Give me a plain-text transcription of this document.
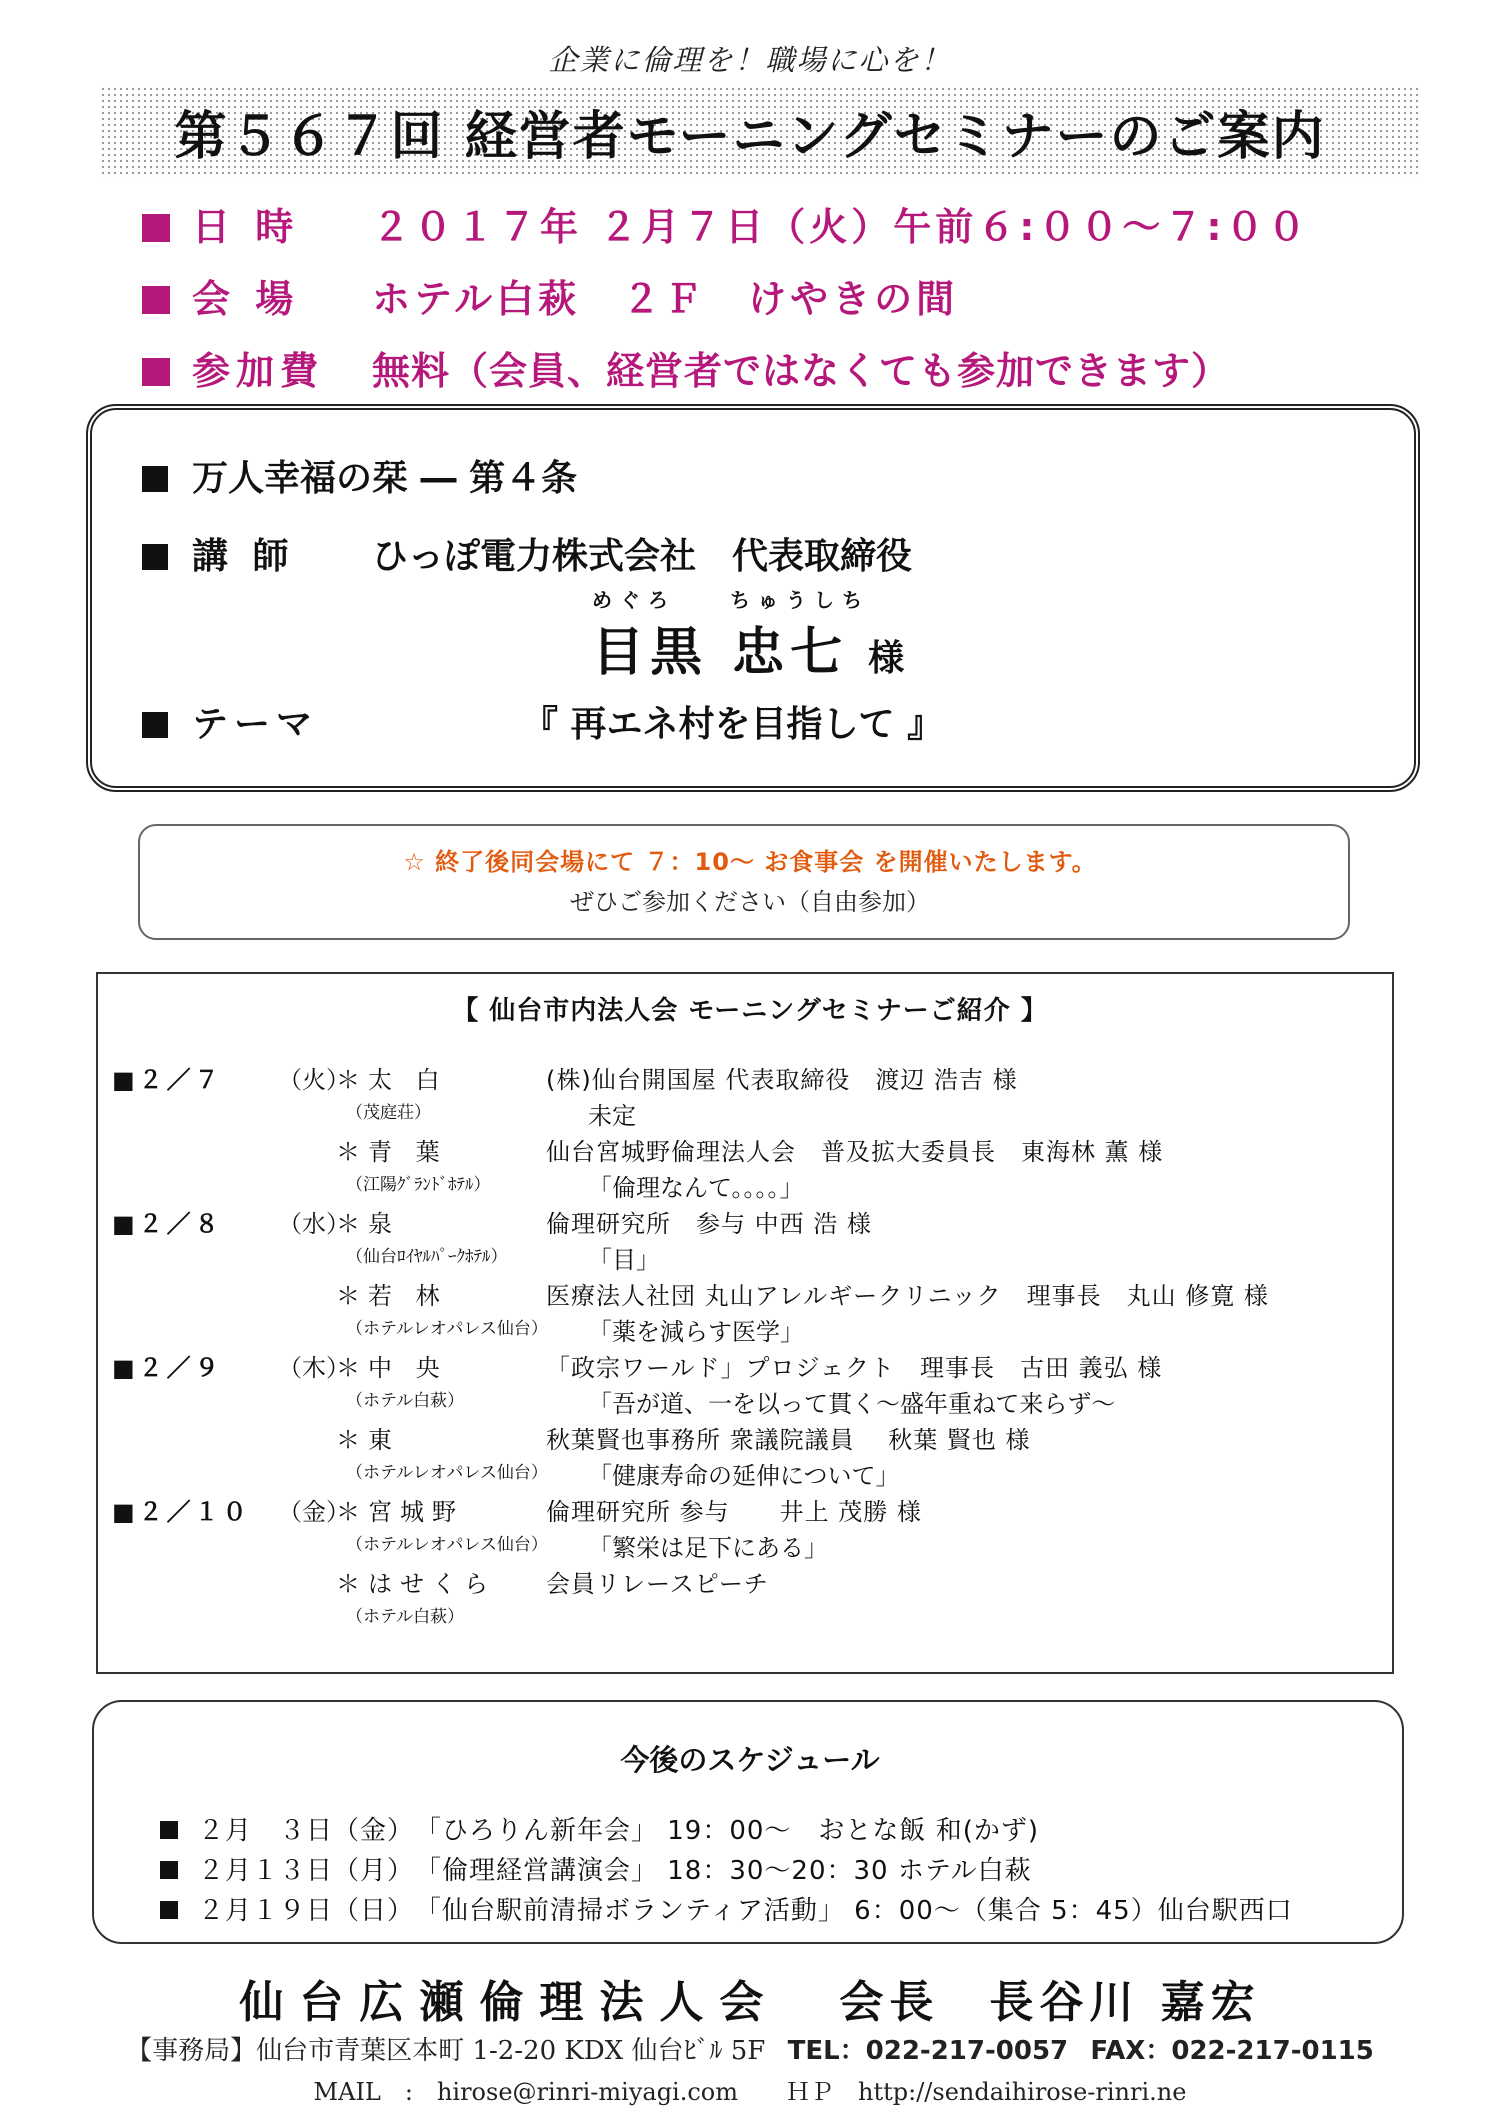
企業に倫理を！職場に心を！
第５６７回 経営者モーニングセミナーのご案内
日 時 ２０１７年 ２月７日（火）午前６:００～７:００
会 場 ホテル白萩　２Ｆ　けやきの間
参加費 無料（会員、経営者ではなくても参加できます）
万人幸福の栞 ― 第４条
講 師 ひっぽ電力株式会社　代表取締役
めぐろ	ちゅうしち
目黒 忠七 様
テーマ	『 再エネ村を目指して 』
☆ 終了後同会場にて ７：10～ お食事会 を開催いたします。
ぜひご参加ください（自由参加）
【 仙台市内法人会 モーニングセミナーご紹介 】
■２／７ （火）
＊太 白	(株)仙台開国屋 代表取締役　渡辺 浩吉 様
（茂庭荘）	未定
＊青 葉	仙台宮城野倫理法人会　普及拡大委員長　東海林 薫 様
（江陽ｸﾞﾗﾝﾄﾞﾎﾃﾙ）	「倫理なんて。。。。」
■２／８ （水）
＊泉	倫理研究所　参与 中西 浩 様
（仙台ﾛｲﾔﾙﾊﾟｰｸﾎﾃﾙ）	「目」
＊若 林	医療法人社団 丸山アレルギークリニック　理事長　丸山 修寛 様
（ホテルレオパレス仙台） 「薬を減らす医学」
■２／９ （木）
＊中 央	「政宗ワールド」プロジェクト　理事長　古田 義弘 様
（ホテル白萩）	「吾が道、一を以って貫く～盛年重ねて来らず～
＊東	秋葉賢也事務所 衆議院議員　 秋葉 賢也 様
（ホテルレオパレス仙台） 「健康寿命の延伸について」
■２／１０ （金）
＊宮城野	倫理研究所 参与　　井上 茂勝 様
（ホテルレオパレス仙台） 「繁栄は足下にある」
＊はせくら 会員リレースピーチ
（ホテル白萩）
今後のスケジュール
２月　３日（金）　「ひろりん新年会」 19：00～　おとな飯 和(かず)
２月１３日（月）　「倫理経営講演会」 18：30～20：30 ホテル白萩
２月１９日（日）　「仙台駅前清掃ボランティア活動」 6：00～（集合 5：45）仙台駅西口
仙台広瀬倫理法人会 会長　長谷川 嘉宏
【事務局】仙台市青葉区本町 1-2-20 KDX 仙台ﾋﾞﾙ 5F TEL：022-217-0057 FAX：022-217-0115
MAIL　:　hirose@rinri-miyagi.com　　ＨＰ　http://sendaihirose-rinri.ne
